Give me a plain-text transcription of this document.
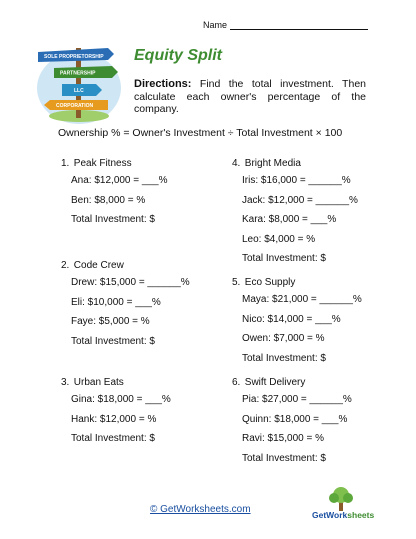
Name
SOLE PROPRIETORSHIP
PARTNERSHIP
LLC
CORPORATION
Equity Split
Directions: Find the total investment. Then calculate each owner's percentage of the company.
Ownership % = Owner's Investment ÷ Total Investment × 100
1. Peak Fitness
Ana: $12,000 = ___%
Ben: $8,000 = %
Total Investment: $
2. Code Crew
Drew: $15,000 = ______%
Eli: $10,000 = ___%
Faye: $5,000 = %
Total Investment: $
3. Urban Eats
Gina: $18,000 = ___%
Hank: $12,000 = %
Total Investment: $
4. Bright Media
Iris: $16,000 = ______%
Jack: $12,000 = ______%
Kara: $8,000 = ___%
Leo: $4,000 = %
Total Investment: $
5. Eco Supply
Maya: $21,000 = ______%
Nico: $14,000 = ___%
Owen: $7,000 = %
Total Investment: $
6. Swift Delivery
Pia: $27,000 = ______%
Quinn: $18,000 = ___%
Ravi: $15,000 = %
Total Investment: $
© GetWorksheets.com	GetWorksheets
